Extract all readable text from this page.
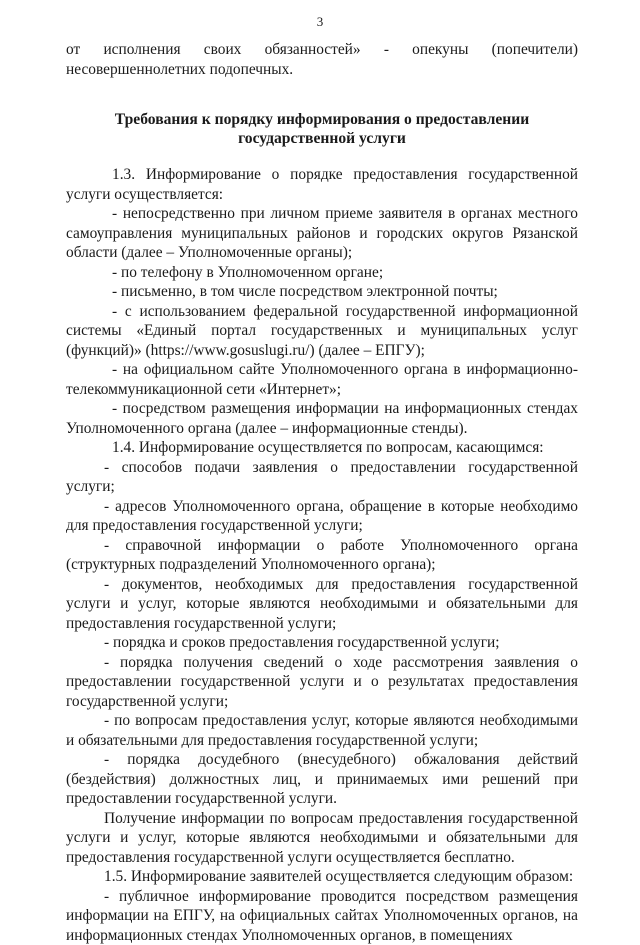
3

от исполнения своих обязанностей» - опекуны (попечители) несовершеннолетних подопечных.

Требования к порядку информирования о предоставлении
государственной услуги

1.3. Информирование о порядке предоставления государственной услуги осуществляется:

- непосредственно при личном приеме заявителя в органах местного самоуправления муниципальных районов и городских округов Рязанской области (далее – Уполномоченные органы);

- по телефону в Уполномоченном органе;

- письменно, в том числе посредством электронной почты;

- с использованием федеральной государственной информационной системы «Единый портал государственных и муниципальных услуг (функций)» (https://www.gosuslugi.ru/) (далее – ЕПГУ);

- на официальном сайте Уполномоченного органа в информационно-телекоммуникационной сети «Интернет»;

- посредством размещения информации на информационных стендах Уполномоченного органа (далее – информационные стенды).

1.4. Информирование осуществляется по вопросам, касающимся:

- способов подачи заявления о предоставлении государственной услуги;

- адресов Уполномоченного органа, обращение в которые необходимо для предоставления государственной услуги;

- справочной информации о работе Уполномоченного органа (структурных подразделений Уполномоченного органа);

- документов, необходимых для предоставления государственной услуги и услуг, которые являются необходимыми и обязательными для предоставления государственной услуги;

- порядка и сроков предоставления государственной услуги;

- порядка получения сведений о ходе рассмотрения заявления о предоставлении государственной услуги и о результатах предоставления государственной услуги;

- по вопросам предоставления услуг, которые являются необходимыми и обязательными для предоставления государственной услуги;

- порядка досудебного (внесудебного) обжалования действий (бездействия) должностных лиц, и принимаемых ими решений при предоставлении государственной услуги.

Получение информации по вопросам предоставления государственной услуги и услуг, которые являются необходимыми и обязательными для предоставления государственной услуги осуществляется бесплатно.

1.5. Информирование заявителей осуществляется следующим образом:

- публичное информирование проводится посредством размещения информации на ЕПГУ, на официальных сайтах Уполномоченных органов, на информационных стендах Уполномоченных органов, в помещениях
